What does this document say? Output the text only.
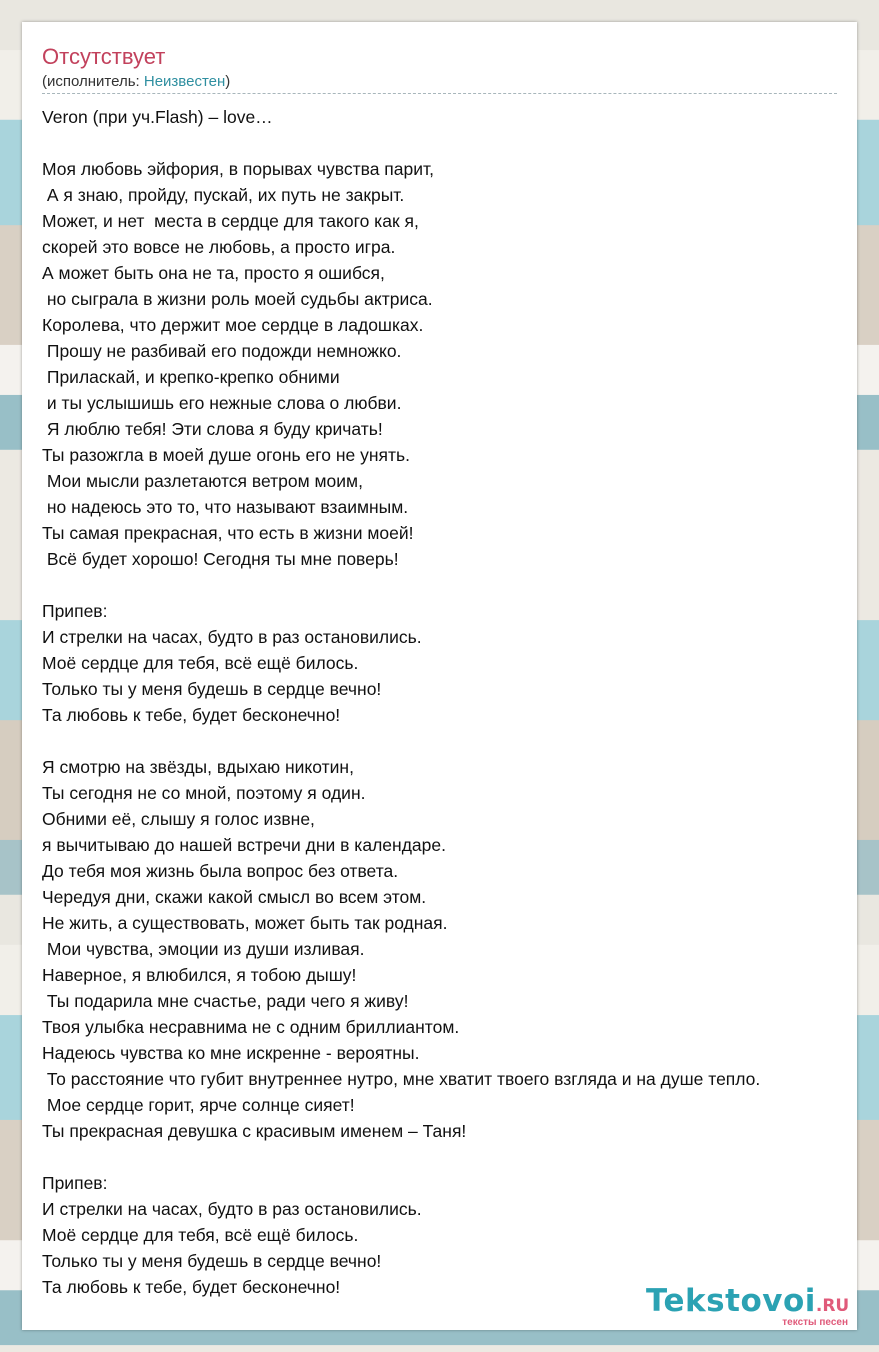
Отсутствует
(исполнитель: Неизвестен)
Veron (при уч.Flash) – love…
Моя любовь эйфория, в порывах чувства парит,
А я знаю, пройду, пускай, их путь не закрыт.
Может, и нет  места в сердце для такого как я,
скорей это вовсе не любовь, а просто игра.
А может быть она не та, просто я ошибся,
но сыграла в жизни роль моей судьбы актриса.
Королева, что держит мое сердце в ладошках.
Прошу не разбивай его подожди немножко.
Приласкай, и крепко-крепко обними
и ты услышишь его нежные слова о любви.
Я люблю тебя! Эти слова я буду кричать!
Ты разожгла в моей душе огонь его не унять.
Мои мысли разлетаются ветром моим,
но надеюсь это то, что называют взаимным.
Ты самая прекрасная, что есть в жизни моей!
Всё будет хорошо! Сегодня ты мне поверь!
Припев:
И стрелки на часах, будто в раз остановились.
Моё сердце для тебя, всё ещё билось.
Только ты у меня будешь в сердце вечно!
Та любовь к тебе, будет бесконечно!
Я смотрю на звёзды, вдыхаю никотин,
Ты сегодня не со мной, поэтому я один.
Обними её, слышу я голос извне,
я вычитываю до нашей встречи дни в календаре.
До тебя моя жизнь была вопрос без ответа.
Чередуя дни, скажи какой смысл во всем этом.
Не жить, а существовать, может быть так родная.
Мои чувства, эмоции из души изливая.
Наверное, я влюбился, я тобою дышу!
Ты подарила мне счастье, ради чего я живу!
Твоя улыбка несравнима не с одним бриллиантом.
Надеюсь чувства ко мне искренне - вероятны.
То расстояние что губит внутреннее нутро, мне хватит твоего взгляда и на душе тепло.
Мое сердце горит, ярче солнце сияет!
Ты прекрасная девушка с красивым именем – Таня!
Припев:
И стрелки на часах, будто в раз остановились.
Моё сердце для тебя, всё ещё билось.
Только ты у меня будешь в сердце вечно!
Та любовь к тебе, будет бесконечно!	Tekstovoi.RU
тексты песен
